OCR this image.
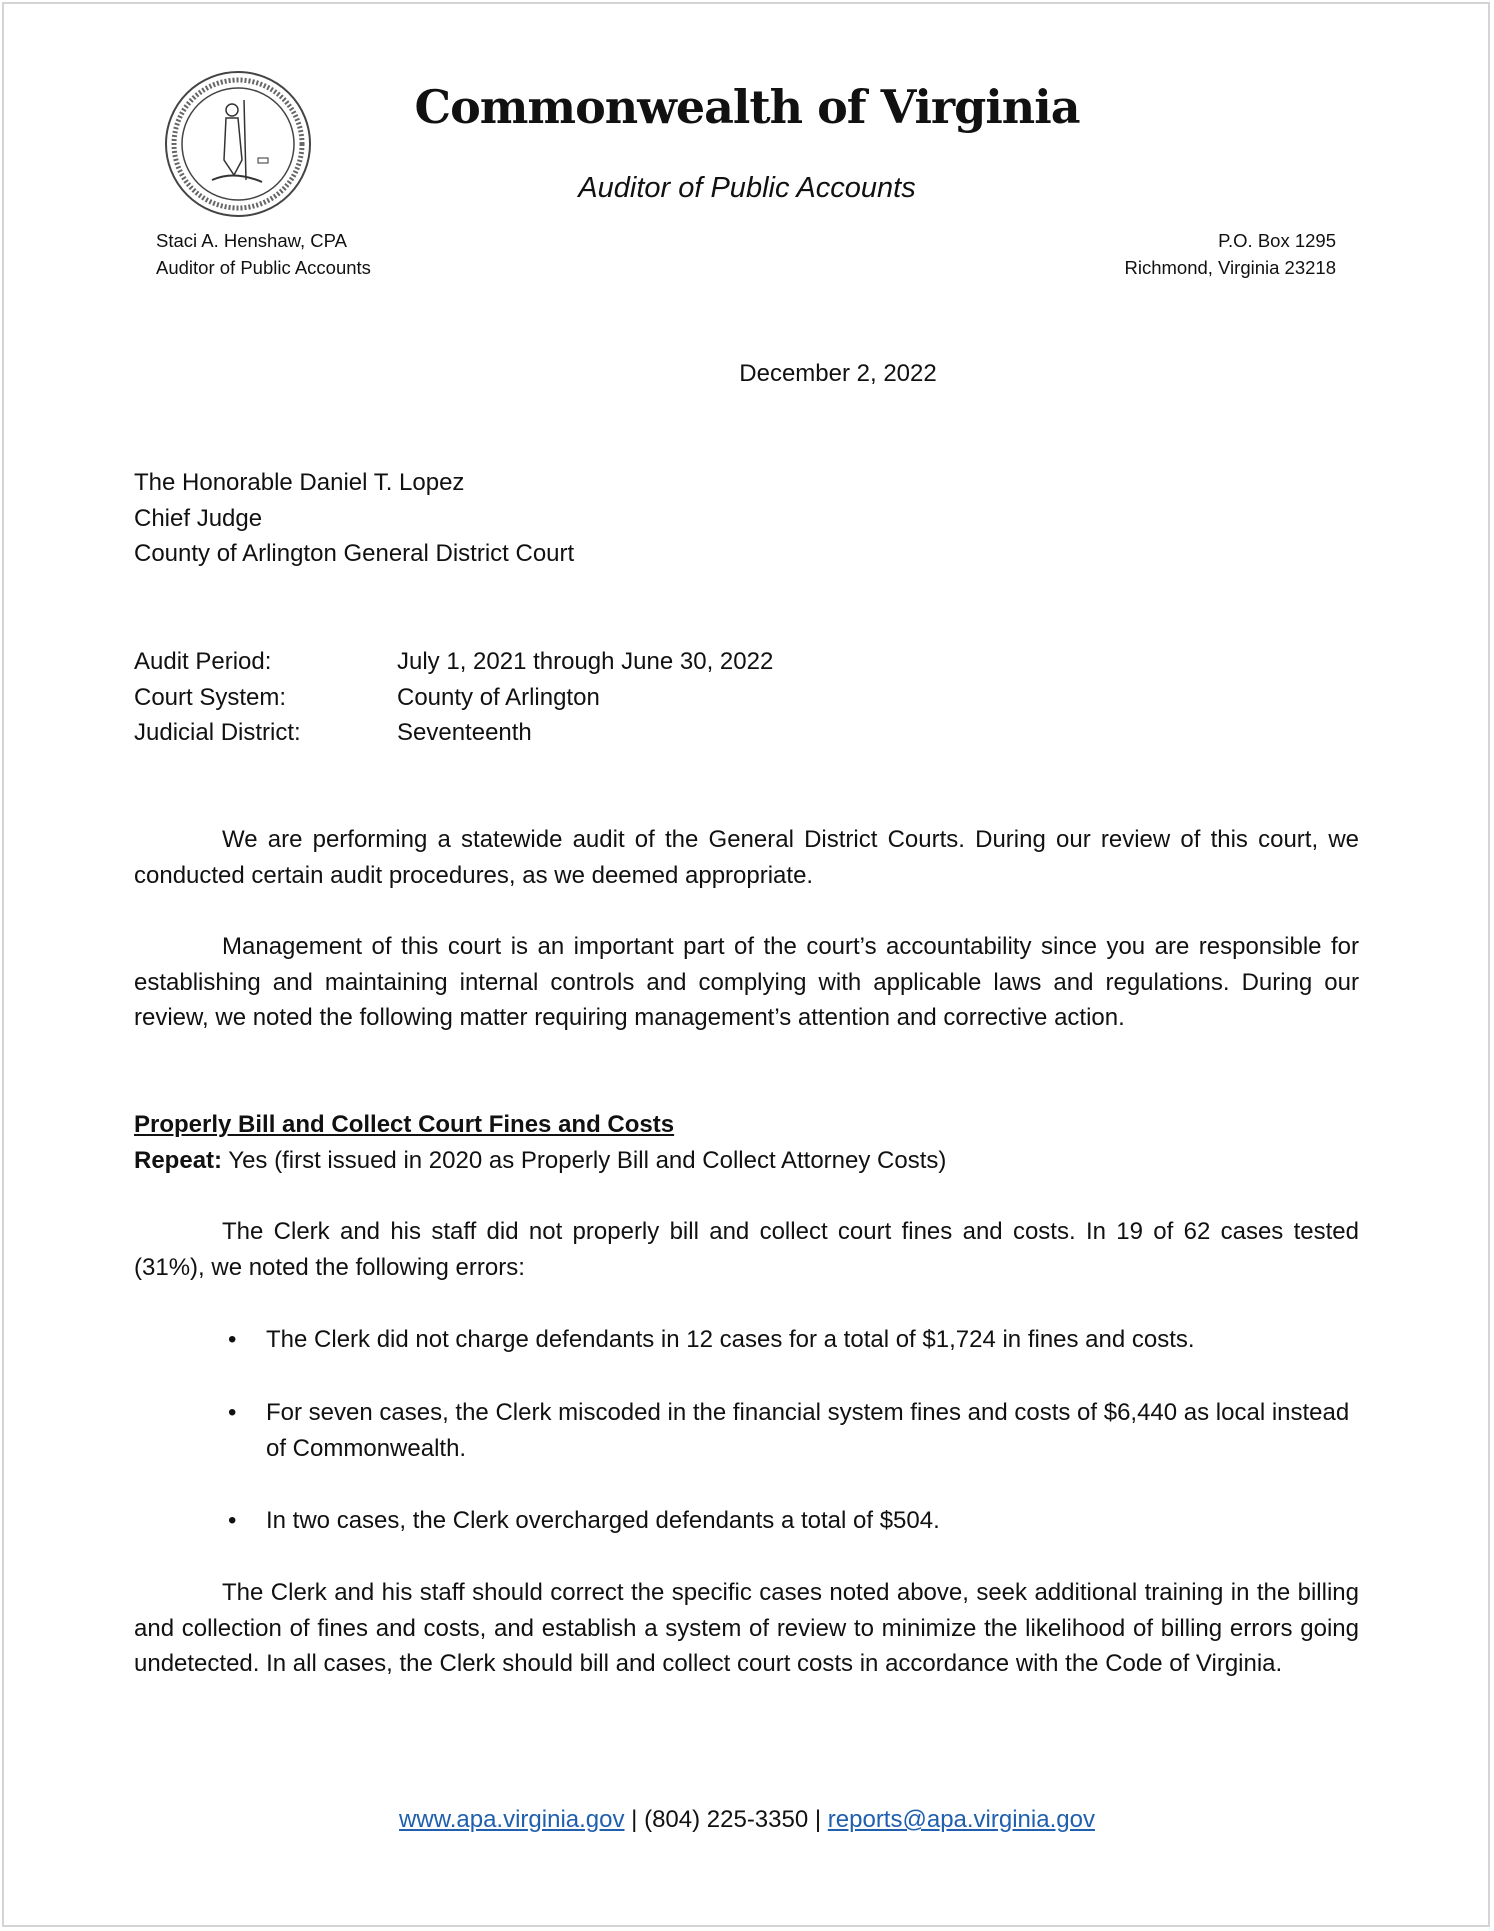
Commonwealth of Virginia
Auditor of Public Accounts
Staci A. Henshaw, CPA
Auditor of Public Accounts
P.O. Box 1295
Richmond, Virginia 23218
December 2, 2022
The Honorable Daniel T. Lopez
Chief Judge
County of Arlington General District Court
Audit Period:	July 1, 2021 through June 30, 2022
Court System:	County of Arlington
Judicial District:	Seventeenth

We are performing a statewide audit of the General District Courts. During our review of this court, we conducted certain audit procedures, as we deemed appropriate.

Management of this court is an important part of the court’s accountability since you are responsible for establishing and maintaining internal controls and complying with applicable laws and regulations. During our review, we noted the following matter requiring management’s attention and corrective action.

Properly Bill and Collect Court Fines and Costs
Repeat: Yes (first issued in 2020 as Properly Bill and Collect Attorney Costs)

The Clerk and his staff did not properly bill and collect court fines and costs. In 19 of 62 cases tested (31%), we noted the following errors:

• The Clerk did not charge defendants in 12 cases for a total of $1,724 in fines and costs.
• For seven cases, the Clerk miscoded in the financial system fines and costs of $6,440 as local instead of Commonwealth.
• In two cases, the Clerk overcharged defendants a total of $504.

The Clerk and his staff should correct the specific cases noted above, seek additional training in the billing and collection of fines and costs, and establish a system of review to minimize the likelihood of billing errors going undetected. In all cases, the Clerk should bill and collect court costs in accordance with the Code of Virginia.

www.apa.virginia.gov | (804) 225-3350 | reports@apa.virginia.gov
